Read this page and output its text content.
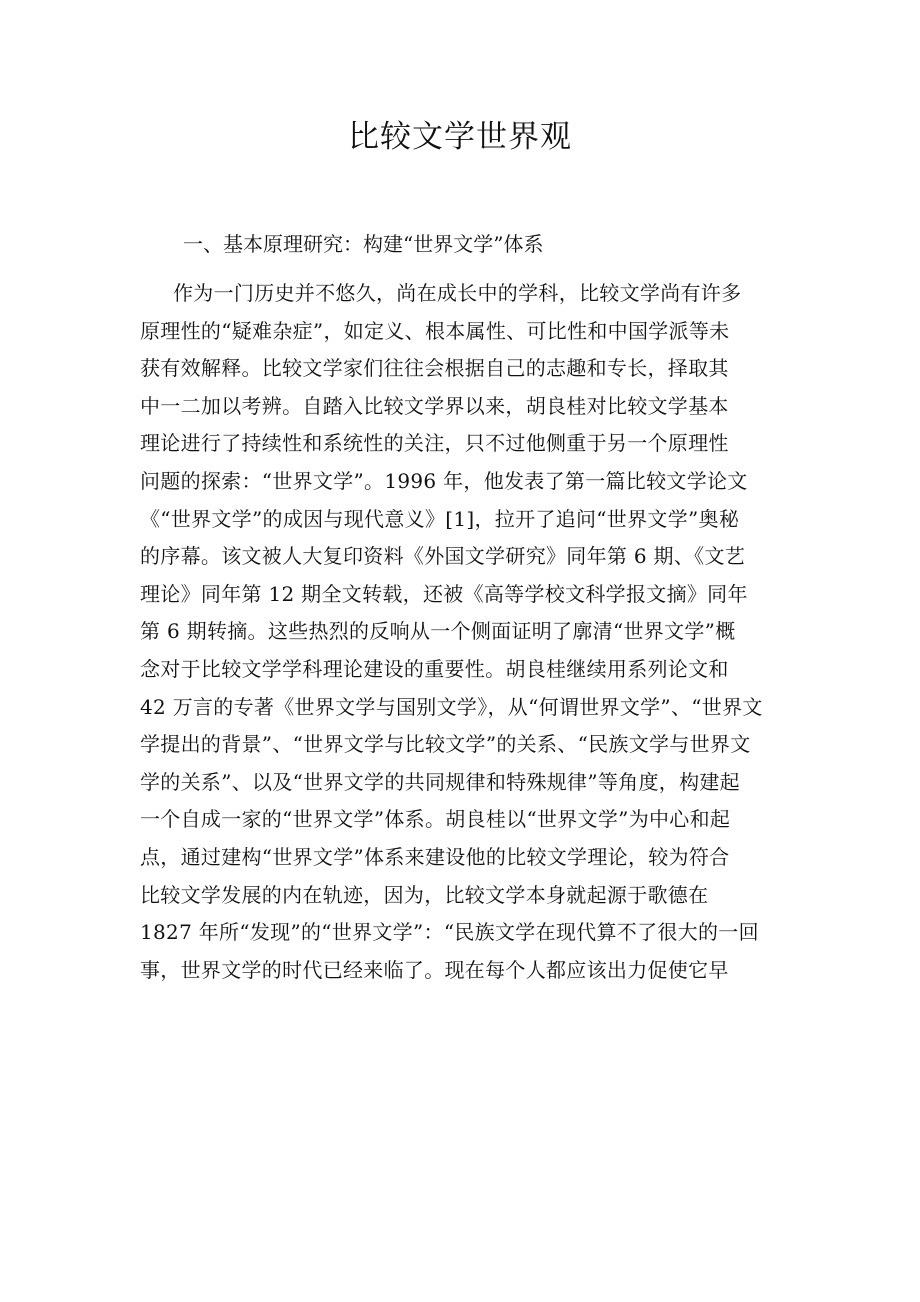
比较文学世界观
一、基本原理研究：构建“世界文学”体系
作为一门历史并不悠久，尚在成长中的学科，比较文学尚有许多
原理性的“疑难杂症”，如定义、根本属性、可比性和中国学派等未
获有效解释。比较文学家们往往会根据自己的志趣和专长，择取其
中一二加以考辨。自踏入比较文学界以来，胡良桂对比较文学基本
理论进行了持续性和系统性的关注，只不过他侧重于另一个原理性
问题的探索：“世界文学”。1996 年，他发表了第一篇比较文学论文
《“世界文学”的成因与现代意义》[1]，拉开了追问“世界文学”奥秘
的序幕。该文被人大复印资料《外国文学研究》同年第 6 期、《文艺
理论》同年第 12 期全文转载，还被《高等学校文科学报文摘》同年
第 6 期转摘。这些热烈的反响从一个侧面证明了廓清“世界文学”概
念对于比较文学学科理论建设的重要性。胡良桂继续用系列论文和
42 万言的专著《世界文学与国别文学》，从“何谓世界文学”、“世界文
学提出的背景”、“世界文学与比较文学”的关系、“民族文学与世界文
学的关系”、以及“世界文学的共同规律和特殊规律”等角度，构建起
一个自成一家的“世界文学”体系。胡良桂以“世界文学”为中心和起
点，通过建构“世界文学”体系来建设他的比较文学理论，较为符合
比较文学发展的内在轨迹，因为，比较文学本身就起源于歌德在
1827 年所“发现”的“世界文学”：“民族文学在现代算不了很大的一回
事，世界文学的时代已经来临了。现在每个人都应该出力促使它早
